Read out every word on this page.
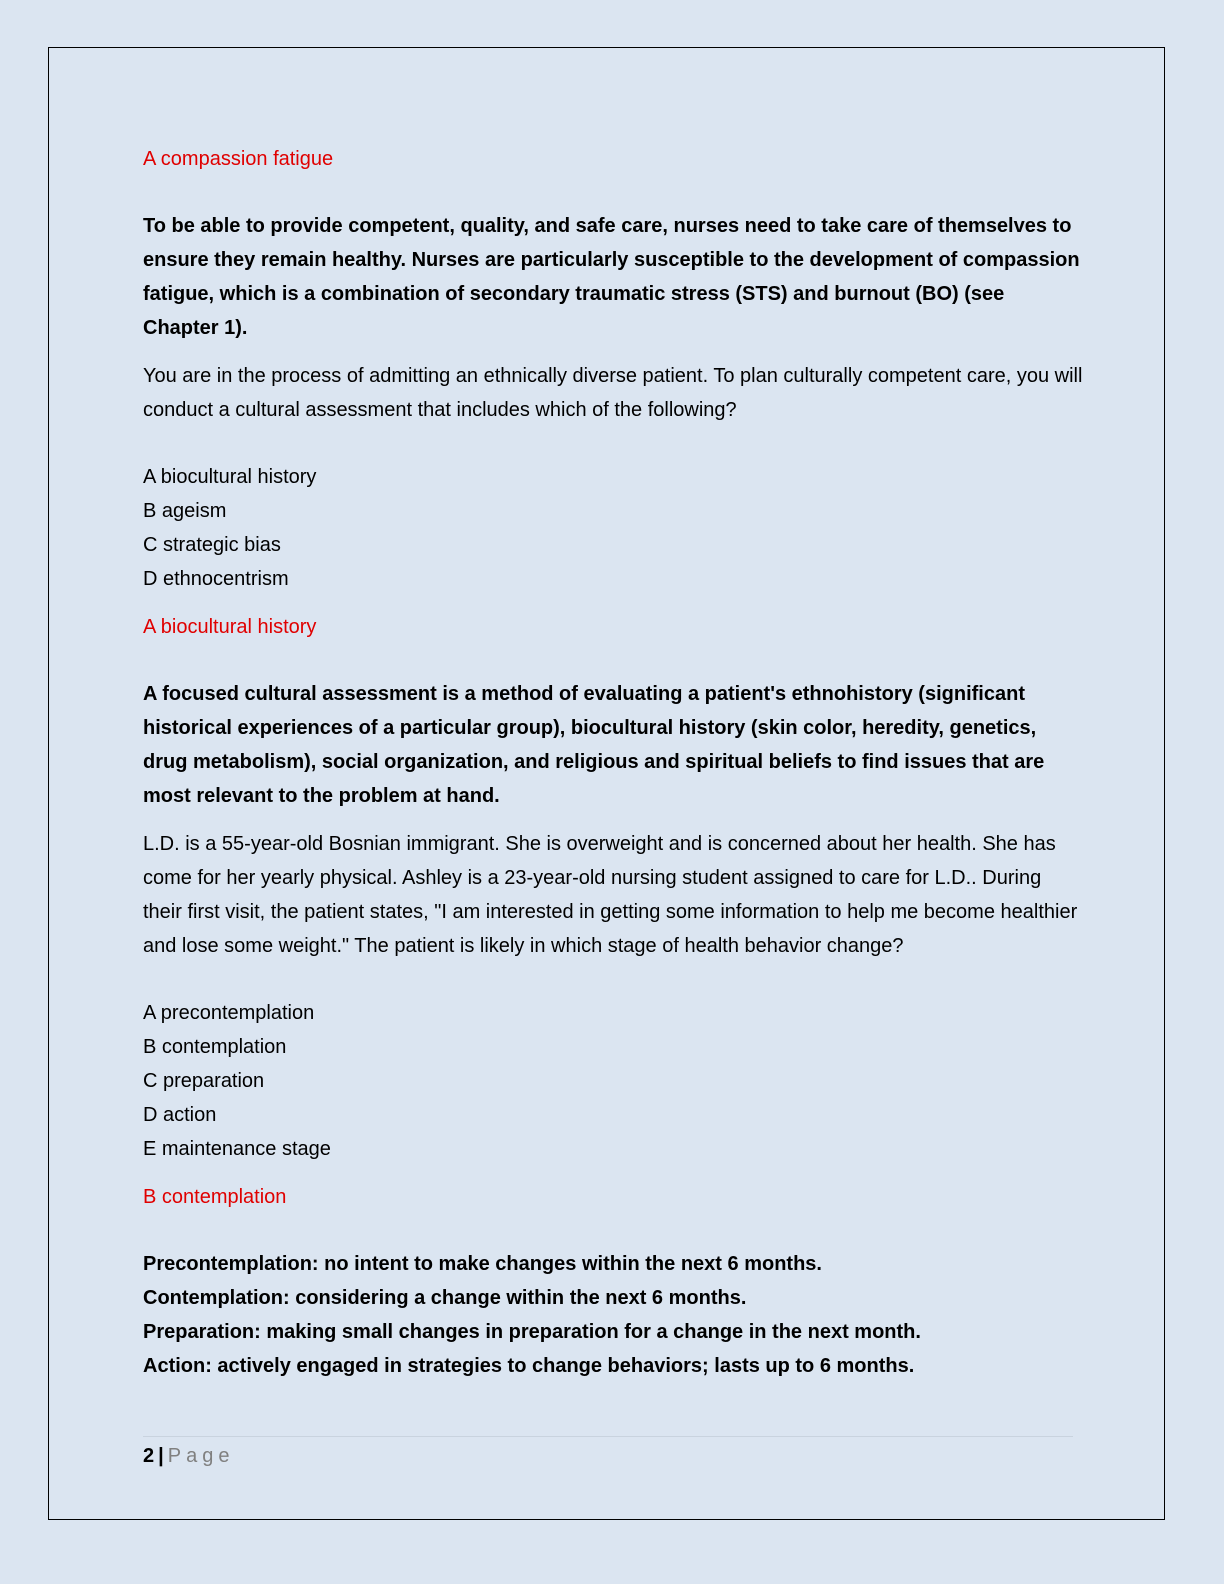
A compassion fatigue

To be able to provide competent, quality, and safe care, nurses need to take care of themselves to ensure they remain healthy. Nurses are particularly susceptible to the development of compassion fatigue, which is a combination of secondary traumatic stress (STS) and burnout (BO) (see Chapter 1).

You are in the process of admitting an ethnically diverse patient. To plan culturally competent care, you will conduct a cultural assessment that includes which of the following?

A biocultural history
B ageism
C strategic bias
D ethnocentrism

A biocultural history

A focused cultural assessment is a method of evaluating a patient's ethnohistory (significant historical experiences of a particular group), biocultural history (skin color, heredity, genetics, drug metabolism), social organization, and religious and spiritual beliefs to find issues that are most relevant to the problem at hand.

L.D. is a 55-year-old Bosnian immigrant. She is overweight and is concerned about her health. She has come for her yearly physical. Ashley is a 23-year-old nursing student assigned to care for L.D.. During their first visit, the patient states, "I am interested in getting some information to help me become healthier and lose some weight." The patient is likely in which stage of health behavior change?

A precontemplation
B contemplation
C preparation
D action
E maintenance stage

B contemplation

Precontemplation: no intent to make changes within the next 6 months.
Contemplation: considering a change within the next 6 months.
Preparation: making small changes in preparation for a change in the next month.
Action: actively engaged in strategies to change behaviors; lasts up to 6 months.
2 | Page
